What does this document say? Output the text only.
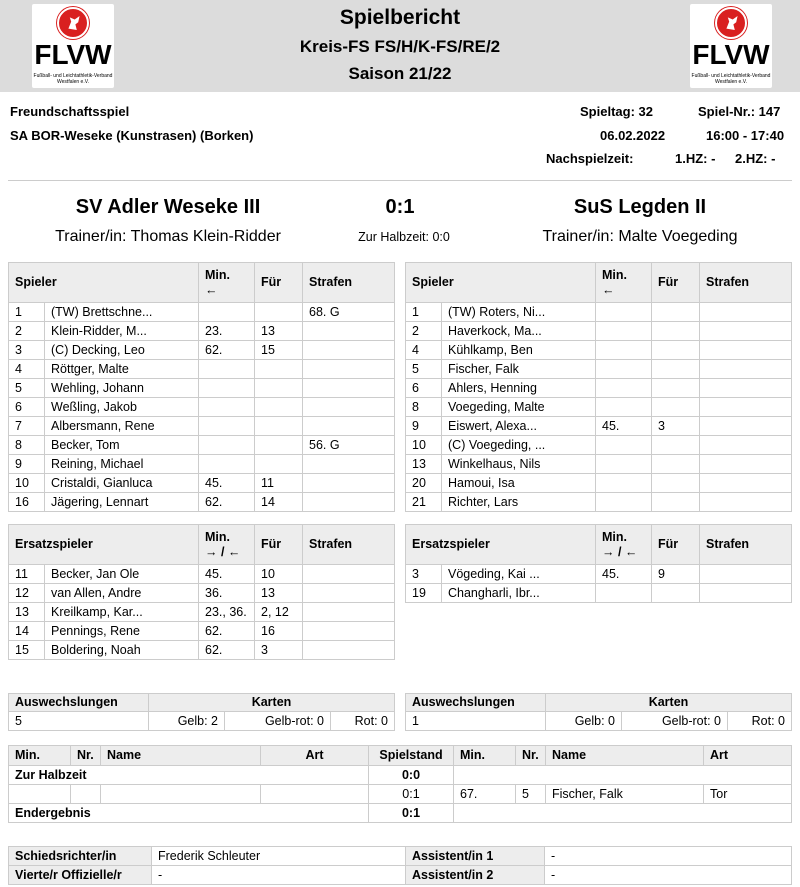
FLVW
Fußball- und Leichtathletik-Verband Westfalen e.V.
FLVW
Fußball- und Leichtathletik-Verband Westfalen e.V.
Spielbericht
Kreis-FS FS/H/K-FS/RE/2
Saison 21/22
Freundschaftsspiel
SA BOR-Weseke (Kunstrasen) (Borken)
Spieltag: 32	Spiel-Nr.: 147
06.02.2022	16:00 - 17:40
Nachspielzeit:	1.HZ: - 2.HZ: -
SV Adler Weseke III	0:1	SuS Legden II
Trainer/in: Thomas Klein-Ridder	Zur Halbzeit: 0:0	Trainer/in: Malte Voegeding
Spieler		Min.
←	Für	Strafen
1	(TW) Brettschne...			68. G
2	Klein-Ridder, M...	23.	13	
3	(C) Decking, Leo	62.	15	
4	Röttger, Malte			
5	Wehling, Johann			
6	Weßling, Jakob			
7	Albersmann, Rene			
8	Becker, Tom			56. G
9	Reining, Michael			
10	Cristaldi, Gianluca	45.	11	
16	Jägering, Lennart	62.	14	
Spieler		Min.
←	Für	Strafen
1	(TW) Roters, Ni...			
2	Haverkock, Ma...			
4	Kühlkamp, Ben			
5	Fischer, Falk			
6	Ahlers, Henning			
8	Voegeding, Malte			
9	Eiswert, Alexa...	45.	3	
10	(C) Voegeding, ...			
13	Winkelhaus, Nils			
20	Hamoui, Isa			
21	Richter, Lars			
Ersatzspieler		Min.
→ / ←	Für	Strafen
11	Becker, Jan Ole	45.	10	
12	van Allen, Andre	36.	13	
13	Kreilkamp, Kar...	23., 36.	2, 12	
14	Pennings, Rene	62.	16	
15	Boldering, Noah	62.	3	
Ersatzspieler		Min.
→ / ←	Für	Strafen
3	Vögeding, Kai ...	45.	9	
19	Changharli, Ibr...			
Auswechslungen	Karten		
5	Gelb: 2	Gelb-rot: 0	Rot: 0
Auswechslungen	Karten		
1	Gelb: 0	Gelb-rot: 0	Rot: 0
Min.	Nr.	Name	Art	Spielstand	Min.	Nr.	Name	Art
Zur Halbzeit				0:0				
				0:1	67.	5	Fischer, Falk	Tor
Endergebnis				0:1				
Schiedsrichter/in	Frederik Schleuter	Assistent/in 1	-
Vierte/r Offizielle/r	-	Assistent/in 2	-
